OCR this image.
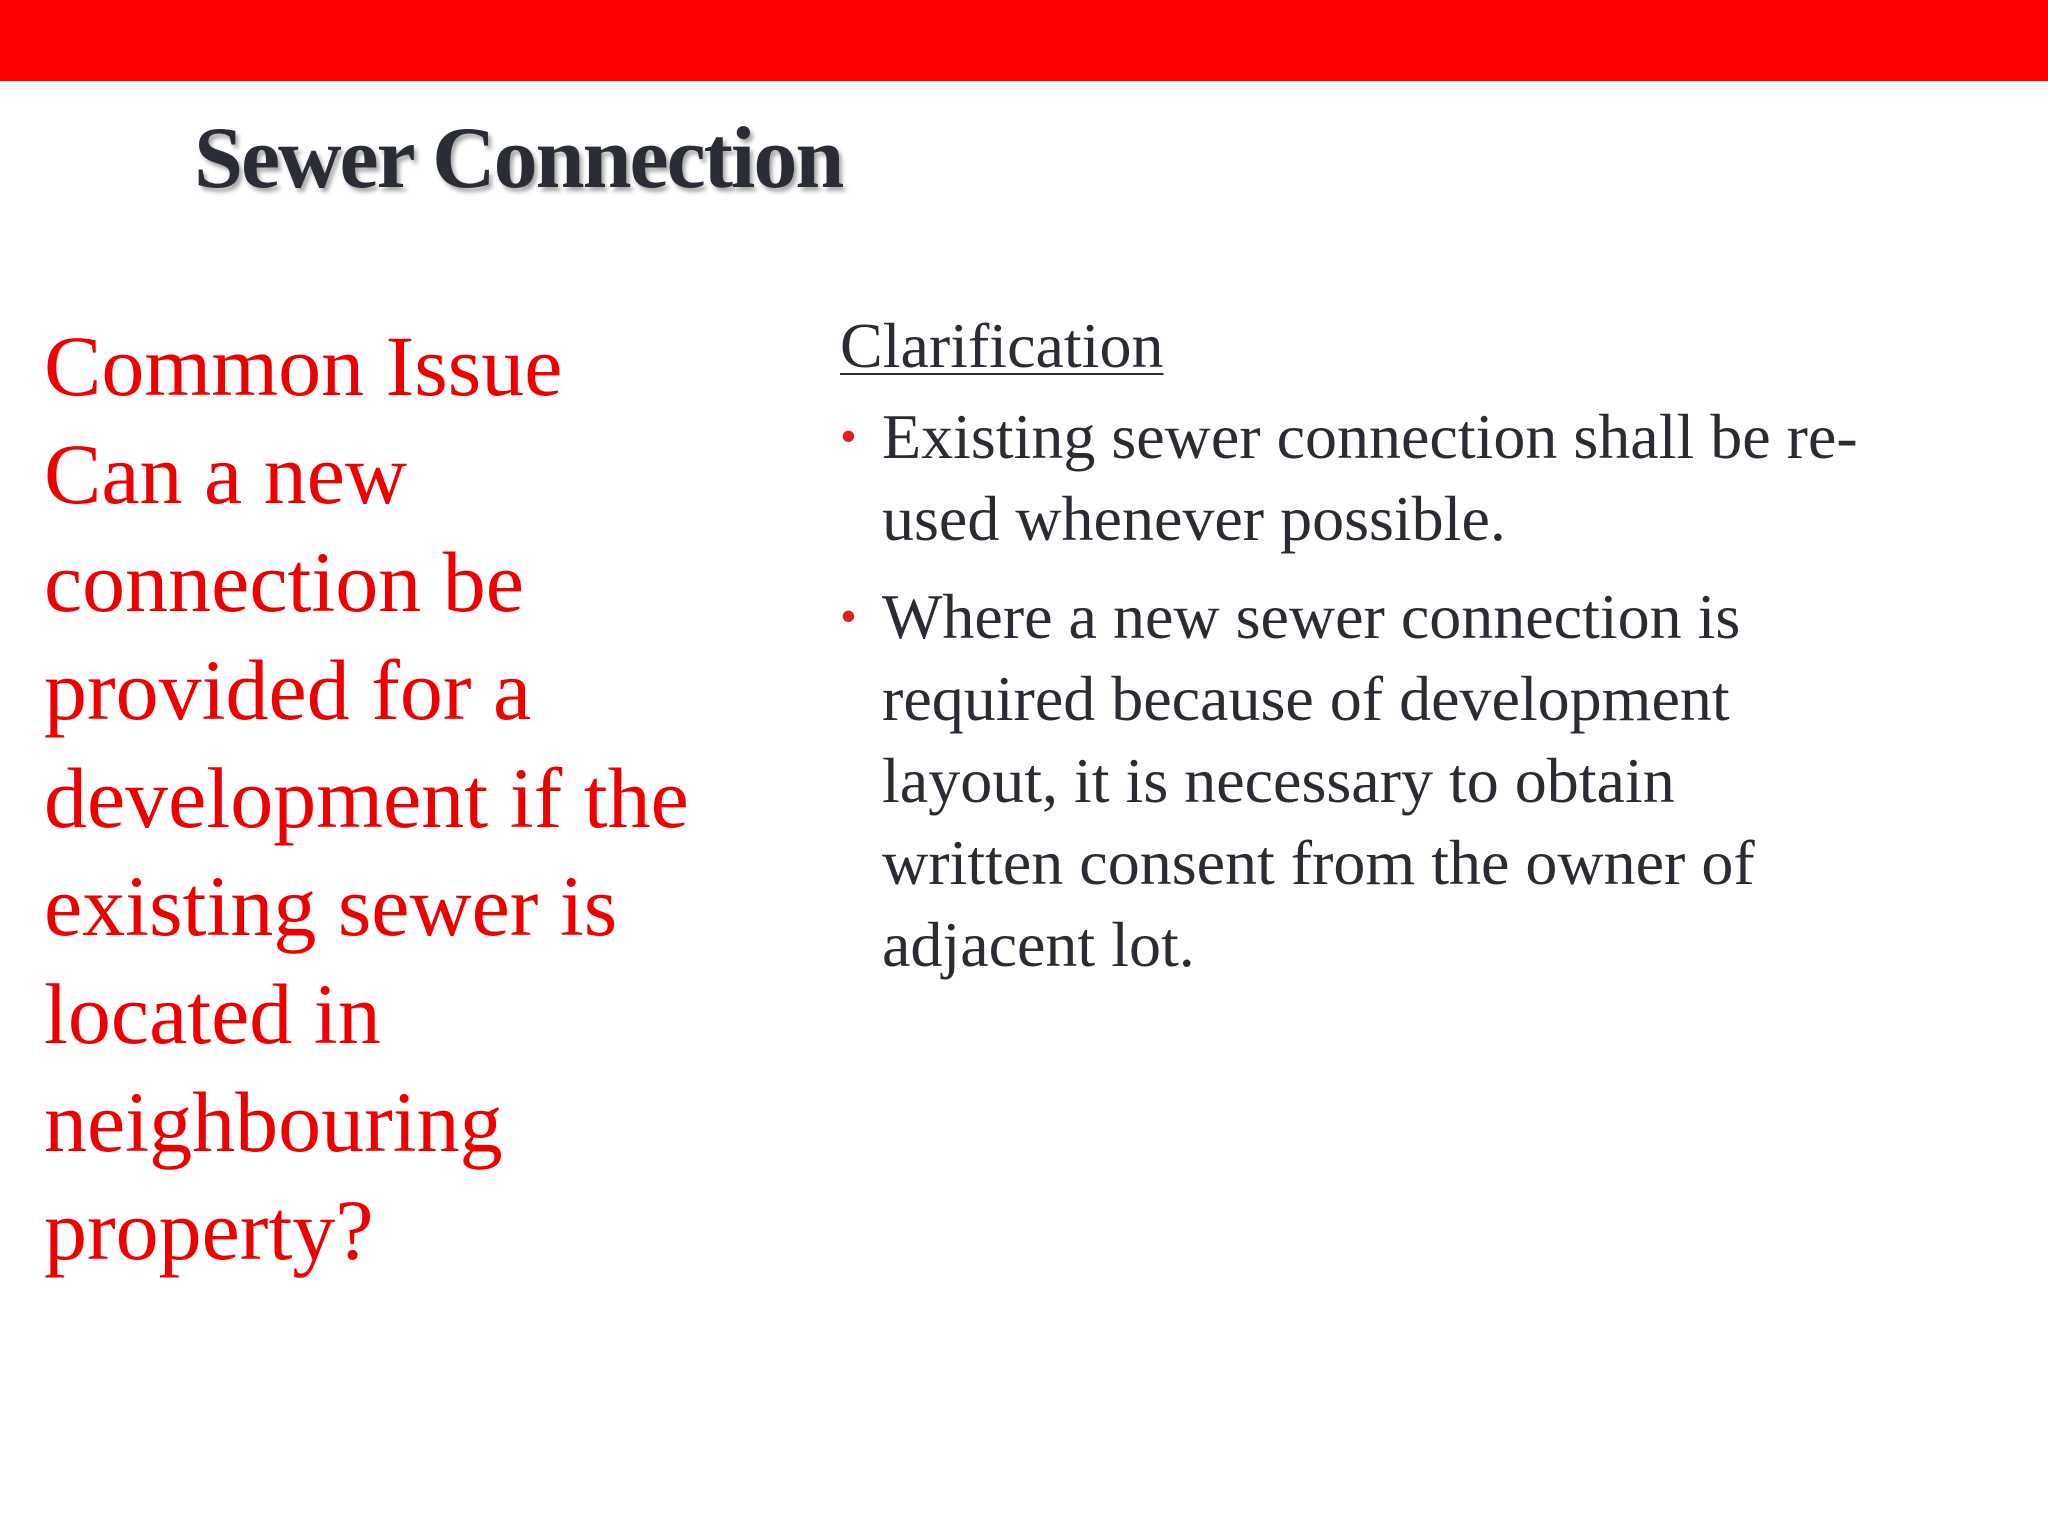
Sewer Connection
Common Issue
Can a new
connection be
provided for a
development if the
existing sewer is
located in
neighbouring
property?
Clarification
• Existing sewer connection shall be re-
used whenever possible.
• Where a new sewer connection is
required because of development
layout, it is necessary to obtain
written consent from the owner of
adjacent lot.
